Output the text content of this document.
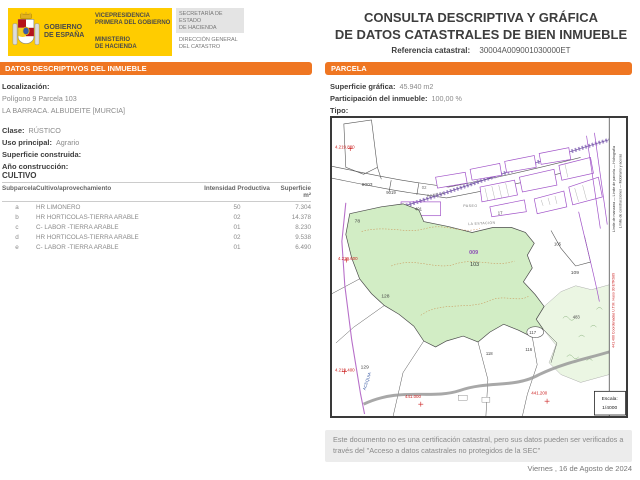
GOBIERNO
DE ESPAÑA
VICEPRESIDENCIA
PRIMERA DEL GOBIERNO
MINISTERIO
DE HACIENDA
SECRETARÍA DE ESTADO
DE HACIENDA
DIRECCIÓN GENERAL
DEL CATASTRO
CONSULTA DESCRIPTIVA Y GRÁFICA
DE DATOS CATASTRALES DE BIEN INMUEBLE
Referencia catastral: 30004A009001030000ET
DATOS DESCRIPTIVOS DEL INMUEBLE
Localización:
Polígono 9 Parcela 103
LA BARRACA. ALBUDEITE [MURCIA]
Clase: RÚSTICO
Uso principal: Agrario
Superficie construida:
Año construcción:
CULTIVO
Subparcela Cultivo/aprovechamiento	Intensidad Productiva	Superficie m²
a	HR LIMONERO	50	7.304
b	HR HORTICOLAS-TIERRA ARABLE	02	14.378
c	C- LABOR -TIERRA ARABLE	01	8.230
d	HR HORTICOLAS-TIERRA ARABLE	02	9.538
e	C- LABOR -TIERRA ARABLE	01	6.490
PARCELA
Superficie gráfica: 45.940 m2
Participación del inmueble: 100,00 %
Tipo:
4.219.800
4.219.600
4.219.400
441.000
441.200
9003
9019
78
02
401
17
105
109
483
117
116
118
128
129
009
103
RAMBLA
PASEO
LA ESTACIÓN
ACEQUIA
Límite de manzana — Límite de parcela — Hidrografía Límite de construcciones — Mobiliario y aceras
441.400 Coordenadas U.T.M. Huso 30 ETRS89
Escala:
1/4000
Este documento no es una certificación catastral, pero sus datos pueden ser verificados a través del "Acceso a datos catastrales no protegidos de la SEC"
Viernes , 16 de Agosto de 2024
